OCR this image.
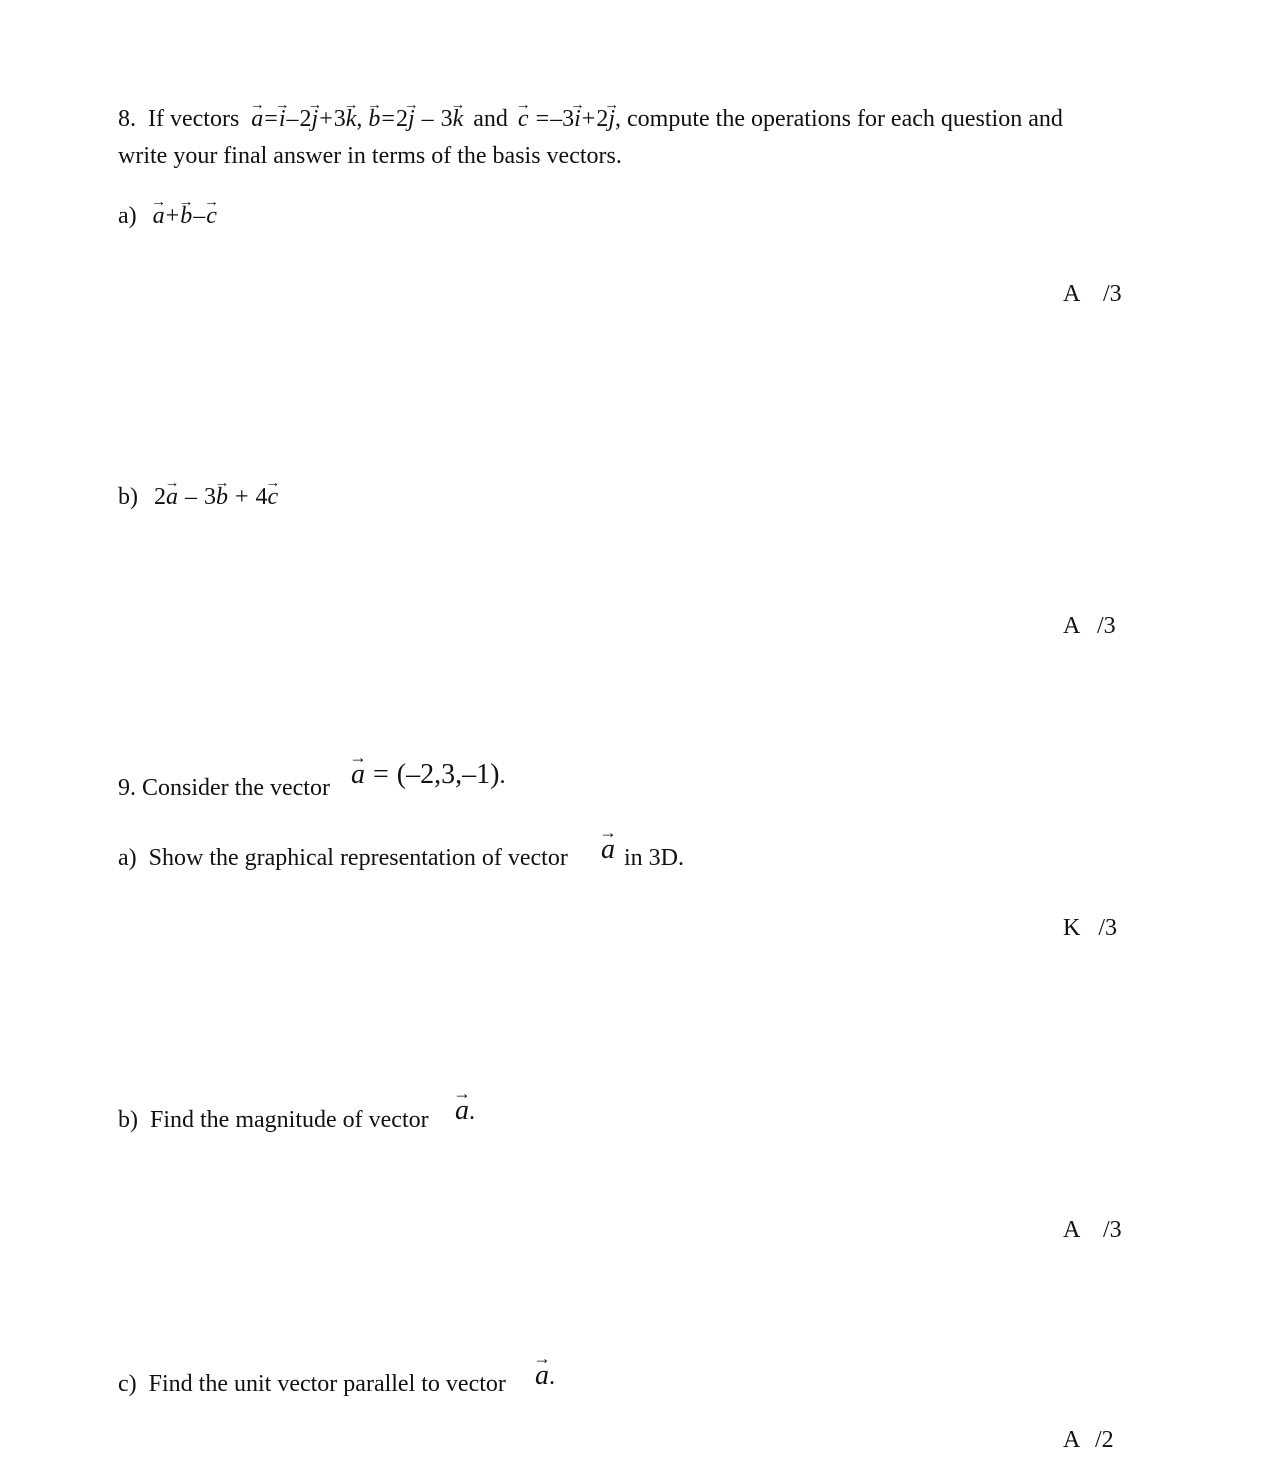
8. If vectors → a=→ i–2→ j+3→ k, → b=2→ j – 3→ k and → c =–3→ i+2→ j, compute the operations for each question and
write your final answer in terms of the basis vectors.
a) → a+→ b–→ c
A /3
b) 2→ a – 3→ b + 4→ c
A /3
9. Consider the vector → a = (–2,3,–1).
a) Show the graphical representation of vector → a in 3D.
K /3
b) Find the magnitude of vector → a.
A /3
c) Find the unit vector parallel to vector → a.
A /2
